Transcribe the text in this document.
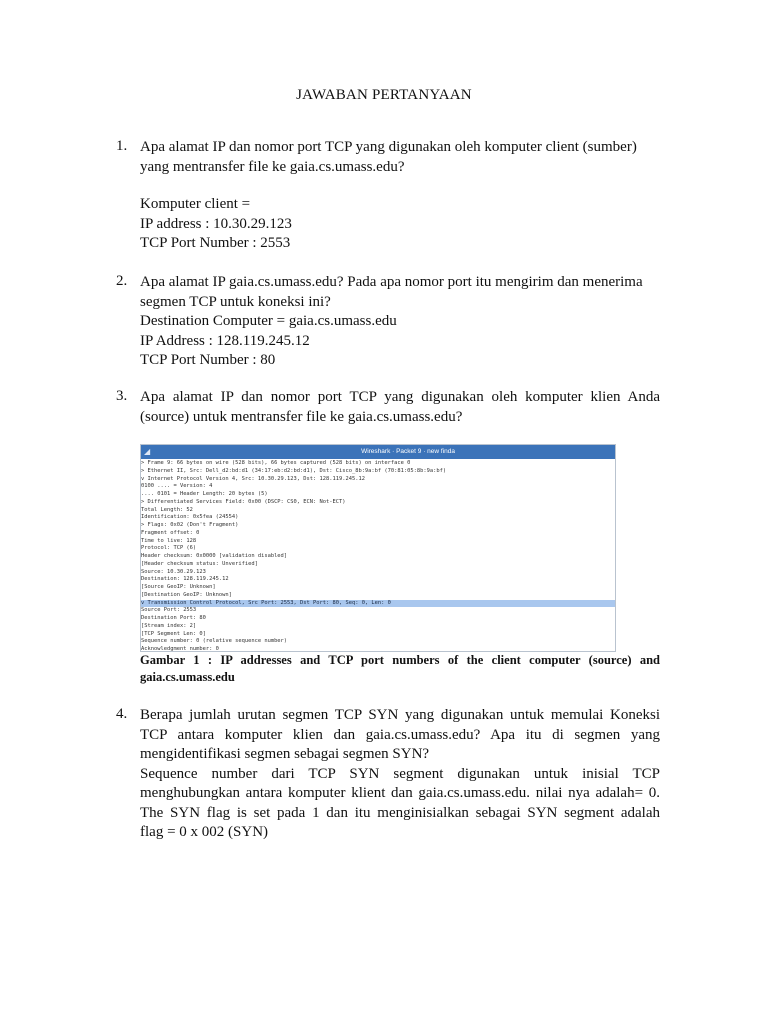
JAWABAN PERTANYAAN
1. Apa alamat IP dan nomor port TCP yang digunakan oleh komputer client (sumber)
yang mentransfer file ke gaia.cs.umass.edu?
Komputer client =
IP address : 10.30.29.123
TCP Port Number : 2553
2. Apa alamat IP gaia.cs.umass.edu? Pada apa nomor port itu mengirim dan menerima
segmen TCP untuk koneksi ini?
Destination Computer = gaia.cs.umass.edu
IP Address : 128.119.245.12
TCP Port Number : 80
3. Apa alamat IP dan nomor port TCP yang digunakan oleh komputer klien Anda
(source) untuk mentransfer file ke gaia.cs.umass.edu?
◢	Wireshark · Packet 9 · new finda
> Frame 9: 66 bytes on wire (528 bits), 66 bytes captured (528 bits) on interface 0
> Ethernet II, Src: Dell_d2:bd:d1 (34:17:eb:d2:bd:d1), Dst: Cisco_8b:9a:bf (70:81:05:8b:9a:bf)
v Internet Protocol Version 4, Src: 10.30.29.123, Dst: 128.119.245.12
0100 .... = Version: 4
.... 0101 = Header Length: 20 bytes (5)
> Differentiated Services Field: 0x00 (DSCP: CS0, ECN: Not-ECT)
Total Length: 52
Identification: 0x5fea (24554)
> Flags: 0x02 (Don't Fragment)
Fragment offset: 0
Time to live: 128
Protocol: TCP (6)
Header checksum: 0x0000 [validation disabled]
[Header checksum status: Unverified]
Source: 10.30.29.123
Destination: 128.119.245.12
[Source GeoIP: Unknown]
[Destination GeoIP: Unknown]
v Transmission Control Protocol, Src Port: 2553, Dst Port: 80, Seq: 0, Len: 0
Source Port: 2553
Destination Port: 80
[Stream index: 2]
[TCP Segment Len: 0]
Sequence number: 0 (relative sequence number)
Acknowledgment number: 0
Gambar 1 : IP addresses and TCP port numbers of the client computer (source) and
gaia.cs.umass.edu
4. Berapa jumlah urutan segmen TCP SYN yang digunakan untuk memulai Koneksi
TCP antara komputer klien dan gaia.cs.umass.edu? Apa itu di segmen yang
mengidentifikasi segmen sebagai segmen SYN?
Sequence number dari TCP SYN segment digunakan untuk inisial TCP
menghubungkan antara komputer klient dan gaia.cs.umass.edu. nilai nya adalah= 0.
The SYN flag is set pada 1 dan itu menginisialkan sebagai SYN segment adalah
flag = 0 x 002 (SYN)
